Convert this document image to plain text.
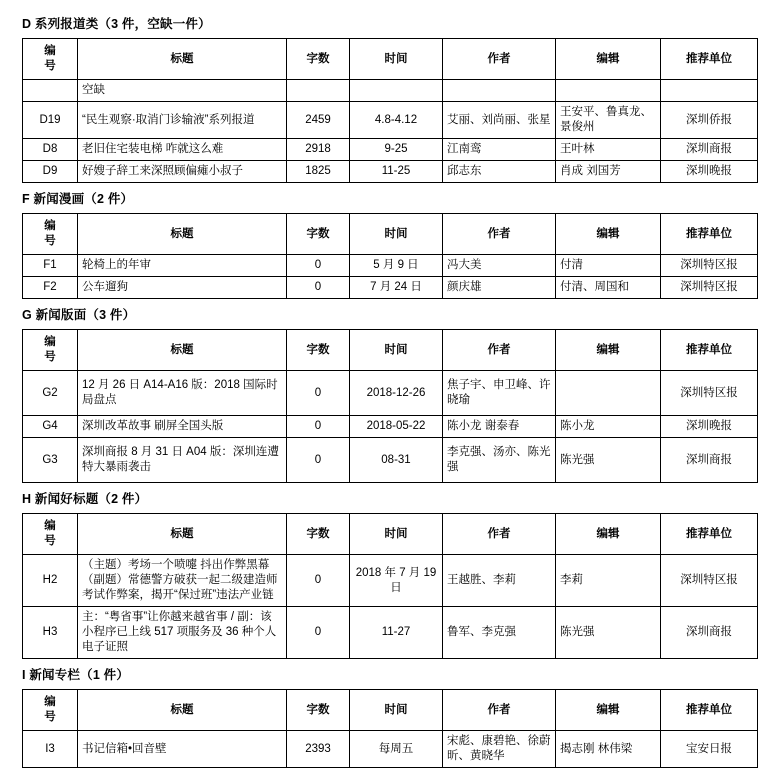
D 系列报道类（3 件，空缺一件）
编
号	标题	字数	时间	作者	编辑	推荐单位
	空缺					
D19	“民生观察·取消门诊输液”系列报道	2459	4.8-4.12	艾丽、刘尚丽、张星	王安平、鲁真龙、景俊州	深圳侨报
D8	老旧住宅装电梯 咋就这么难	2918	9-25	江南鸾	王叶林	深圳商报
D9	好嫂子辞工来深照顾偏瘫小叔子	1825	11-25	邱志东	肖成 刘国芳	深圳晚报
F 新闻漫画（2 件）
编
号	标题	字数	时间	作者	编辑	推荐单位
F1	轮椅上的年审	0	5 月 9 日	冯大美	付清	深圳特区报
F2	公车遛狗	0	7 月 24 日	颜庆雄	付清、周国和	深圳特区报
G 新闻版面（3 件）
编
号	标题	字数	时间	作者	编辑	推荐单位
G2	12 月 26 日 A14-A16 版：2018 国际时局盘点	0	2018-12-26	焦子宇、申卫峰、许晓瑜		深圳特区报
G4	深圳改革故事 刷屏全国头版	0	2018-05-22	陈小龙 谢泰春	陈小龙	深圳晚报
G3	深圳商报 8 月 31 日 A04 版：深圳连遭特大暴雨袭击	0	08-31	李克强、汤亦、陈光强	陈光强	深圳商报
H 新闻好标题（2 件）
编
号	标题	字数	时间	作者	编辑	推荐单位
H2	（主题）考场一个喷嚏 抖出作弊黑幕（副题）常德警方破获一起二级建造师考试作弊案，揭开“保过班”违法产业链	0	2018 年 7 月 19 日	王越胜、李莉	李莉	深圳特区报
H3	主：“粤省事”让你越来越省事 / 副：该小程序已上线 517 项服务及 36 种个人电子证照	0	11-27	鲁军、李克强	陈光强	深圳商报
I 新闻专栏（1 件）
编
号	标题	字数	时间	作者	编辑	推荐单位
I3	书记信箱•回音壁	2393	每周五	宋彪、康碧艳、徐蔚昕、黄晓华	揭志刚 林伟梁	宝安日报
